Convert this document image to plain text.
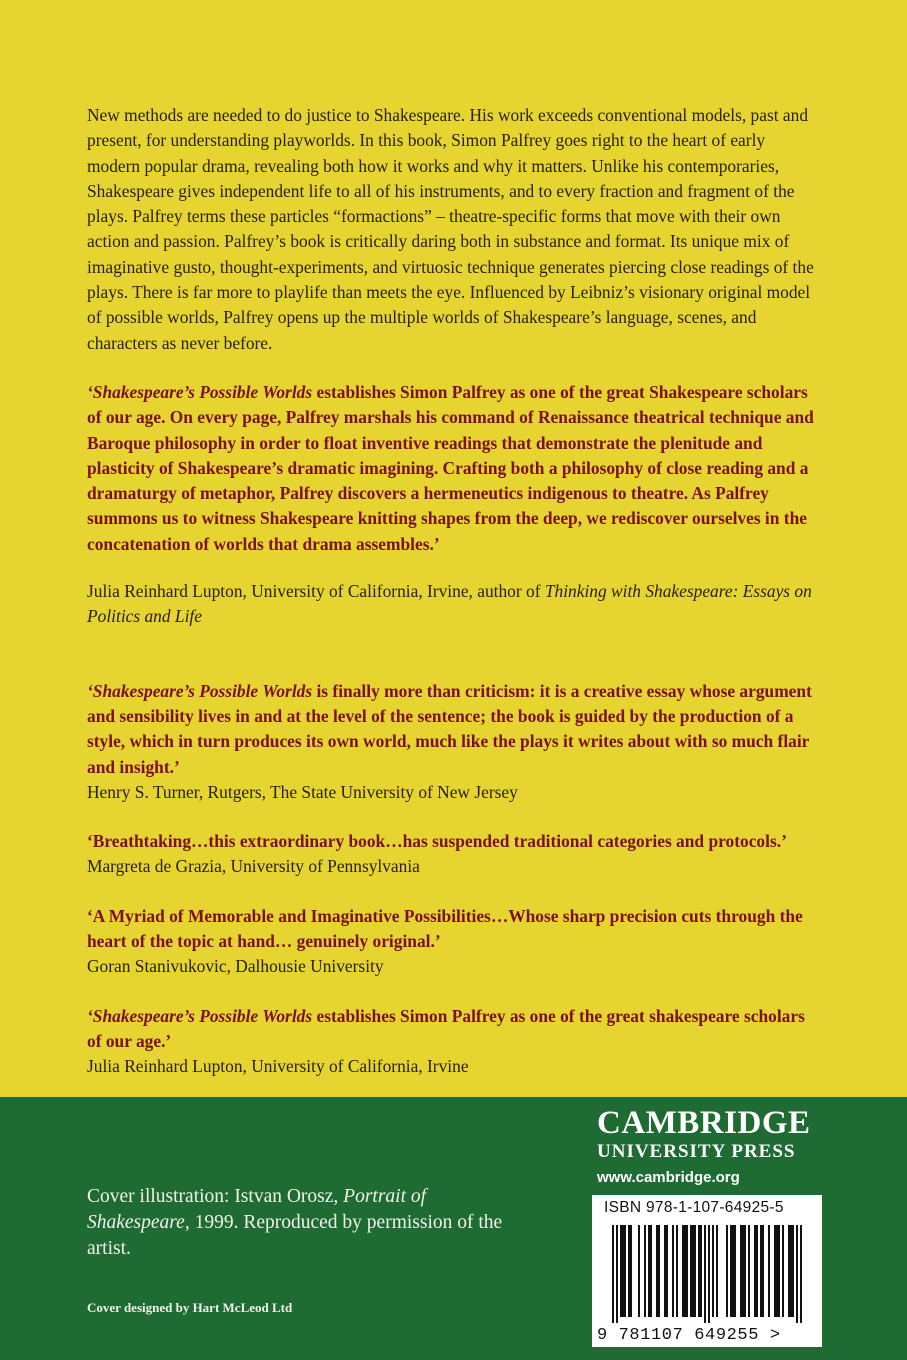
New methods are needed to do justice to Shakespeare. His work exceeds conventional models, past and present, for understanding playworlds. In this book, Simon Palfrey goes right to the heart of early modern popular drama, revealing both how it works and why it matters. Unlike his contemporaries, Shakespeare gives independent life to all of his instruments, and to every fraction and fragment of the plays. Palfrey terms these particles “formactions” – theatre-specific forms that move with their own action and passion. Palfrey’s book is critically daring both in substance and format. Its unique mix of imaginative gusto, thought-experiments, and virtuosic technique generates piercing close readings of the plays. There is far more to playlife than meets the eye. Influenced by Leibniz’s visionary original model of possible worlds, Palfrey opens up the multiple worlds of Shakespeare’s language, scenes, and characters as never before.

‘Shakespeare’s Possible Worlds establishes Simon Palfrey as one of the great Shakespeare scholars of our age. On every page, Palfrey marshals his command of Renaissance theatrical technique and Baroque philosophy in order to float inventive readings that demonstrate the plenitude and plasticity of Shakespeare’s dramatic imagining. Crafting both a philosophy of close reading and a dramaturgy of metaphor, Palfrey discovers a hermeneutics indigenous to theatre. As Palfrey summons us to witness Shakespeare knitting shapes from the deep, we rediscover ourselves in the concatenation of worlds that drama assembles.’

Julia Reinhard Lupton, University of California, Irvine, author of Thinking with Shakespeare: Essays on Politics and Life

‘Shakespeare’s Possible Worlds is finally more than criticism: it is a creative essay whose argument and sensibility lives in and at the level of the sentence; the book is guided by the production of a style, which in turn produces its own world, much like the plays it writes about with so much flair and insight.’

Henry S. Turner, Rutgers, The State University of New Jersey

‘Breathtaking…this extraordinary book…has suspended traditional categories and protocols.’

Margreta de Grazia, University of Pennsylvania

‘A Myriad of Memorable and Imaginative Possibilities…Whose sharp precision cuts through the heart of the topic at hand… genuinely original.’

Goran Stanivukovic, Dalhousie University

‘Shakespeare’s Possible Worlds establishes Simon Palfrey as one of the great shakespeare scholars of our age.’

Julia Reinhard Lupton, University of California, Irvine

Cover illustration: Istvan Orosz, Portrait of Shakespeare, 1999. Reproduced by permission of the artist.
Cover designed by Hart McLeod Ltd
CAMBRIDGE
UNIVERSITY PRESS
www.cambridge.org
ISBN 978-1-107-64925-5
9 781107 649255 >
